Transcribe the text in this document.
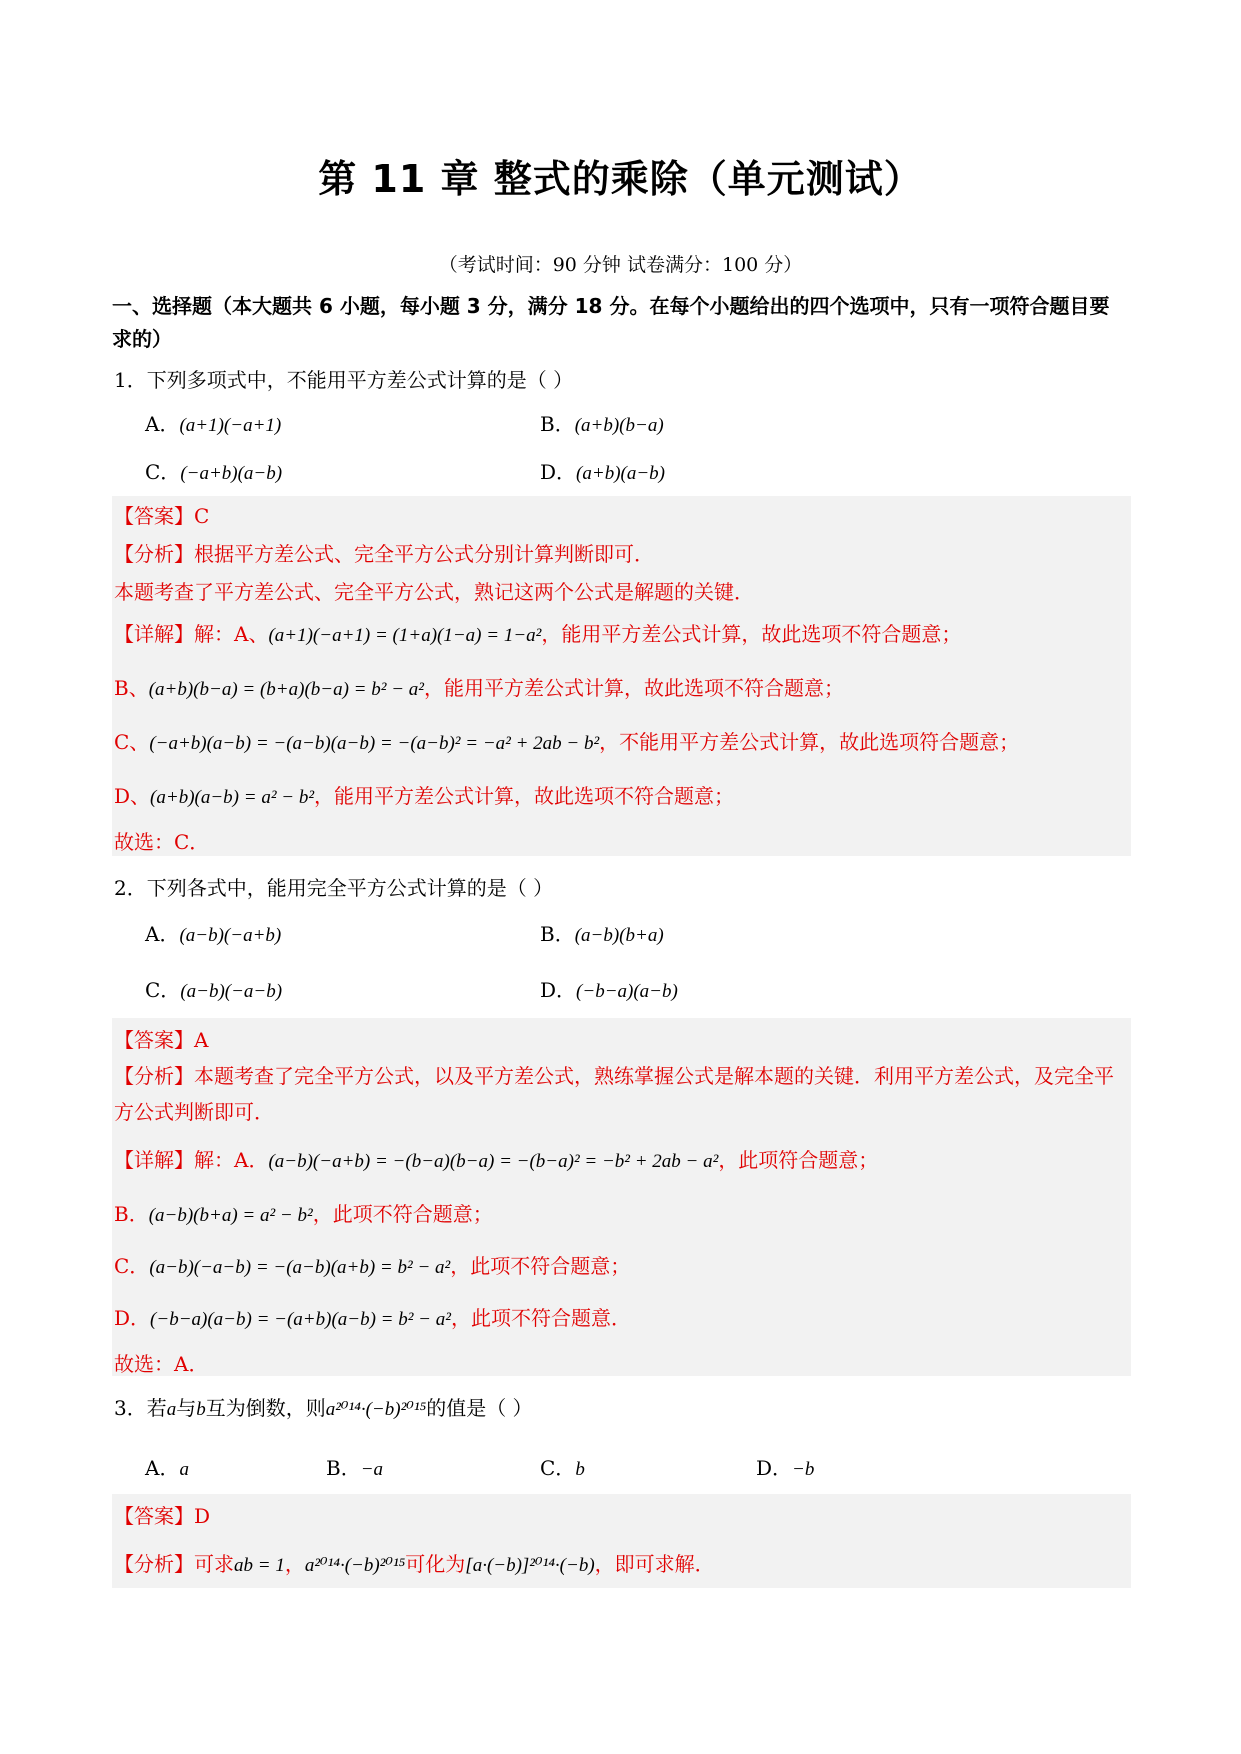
第 11 章 整式的乘除（单元测试）
（考试时间：90 分钟 试卷满分：100 分）
一、选择题（本大题共 6 小题，每小题 3 分，满分 18 分。在每个小题给出的四个选项中，只有一项符合题目要求的）
1．下列多项式中，不能用平方差公式计算的是（ ）
A．(a+1)(−a+1)	B．(a+b)(b−a)
C．(−a+b)(a−b)	D．(a+b)(a−b)
【答案】C
【分析】根据平方差公式、完全平方公式分别计算判断即可．
本题考查了平方差公式、完全平方公式，熟记这两个公式是解题的关键．
【详解】解：A、(a+1)(−a+1) = (1+a)(1−a) = 1−a²，能用平方差公式计算，故此选项不符合题意；
B、(a+b)(b−a) = (b+a)(b−a) = b² − a²，能用平方差公式计算，故此选项不符合题意；
C、(−a+b)(a−b) = −(a−b)(a−b) = −(a−b)² = −a² + 2ab − b²，不能用平方差公式计算，故此选项符合题意；
D、(a+b)(a−b) = a² − b²，能用平方差公式计算，故此选项不符合题意；
故选：C．
2．下列各式中，能用完全平方公式计算的是（ ）
A．(a−b)(−a+b)	B．(a−b)(b+a)
C．(a−b)(−a−b)	D．(−b−a)(a−b)
【答案】A
【分析】本题考查了完全平方公式，以及平方差公式，熟练掌握公式是解本题的关键．利用平方差公式，及完全平方公式判断即可．
【详解】解：A．(a−b)(−a+b) = −(b−a)(b−a) = −(b−a)² = −b² + 2ab − a²，此项符合题意；
B．(a−b)(b+a) = a² − b²，此项不符合题意；
C．(a−b)(−a−b) = −(a−b)(a+b) = b² − a²，此项不符合题意；
D．(−b−a)(a−b) = −(a+b)(a−b) = b² − a²，此项不符合题意．
故选：A．
3．若a与b互为倒数，则a²⁰¹⁴·(−b)²⁰¹⁵的值是（ ）
A．a	B．−a	C．b	D．−b
【答案】D
【分析】可求ab = 1，a²⁰¹⁴·(−b)²⁰¹⁵可化为[a·(−b)]²⁰¹⁴·(−b)，即可求解．
